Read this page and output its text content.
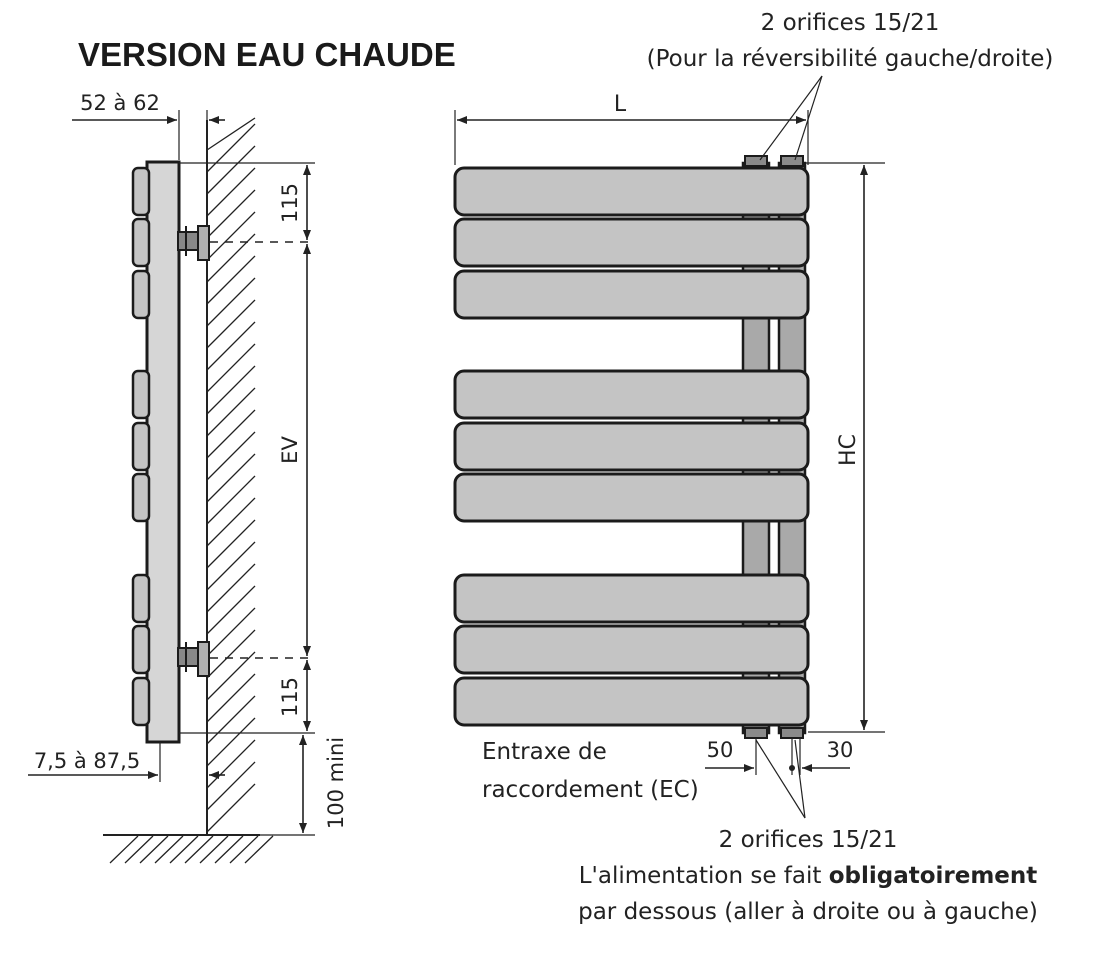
VERSION EAU CHAUDE
2 orifices 15/21
(Pour la réversibilité gauche/droite)
52 à 62
115
EV
115
100 mini
7,5 à 87,5
L
HC
50	30
Entraxe de
raccordement (EC)
2 orifices 15/21
L'alimentation se fait obligatoirement
par dessous (aller à droite ou à gauche)
